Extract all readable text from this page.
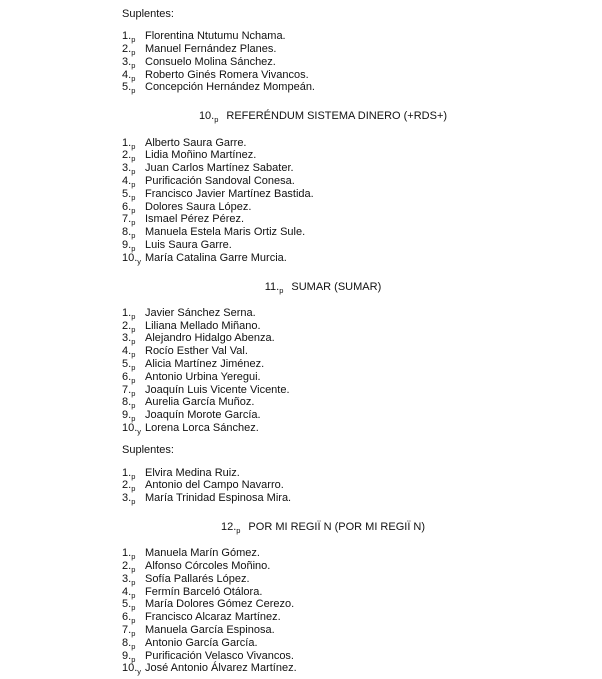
Suplentes:
$1._p$ Florentina Ntutumu Nchama.
$2._p$ Manuel Fernández Planes.
$3._p$ Consuelo Molina Sánchez.
$4._p$ Roberto Ginés Romera Vivancos.
$5._p$ Concepción Hernández Mompeán.
$10._p$ REFERÉNDUM SISTEMA DINERO (+RDS+)
$1._p$ Alberto Saura Garre.
$2._p$ Lidia Moñino Martínez.
$3._p$ Juan Carlos Martínez Sabater.
$4._p$ Purificación Sandoval Conesa.
$5._p$ Francisco Javier Martínez Bastida.
$6._p$ Dolores Saura López.
$7._p$ Ismael Pérez Pérez.
$8._p$ Manuela Estela Maris Ortiz Sule.
$9._p$ Luis Saura Garre.
$10._y$ María Catalina Garre Murcia.
$11._p$ SUMAR (SUMAR)
$1._p$ Javier Sánchez Serna.
$2._p$ Liliana Mellado Miñano.
$3._p$ Alejandro Hidalgo Abenza.
$4._p$ Rocío Esther Val Val.
$5._p$ Alicia Martínez Jiménez.
$6._p$ Antonio Urbina Yeregui.
$7._p$ Joaquín Luis Vicente Vicente.
$8._p$ Aurelia García Muñoz.
$9._p$ Joaquín Morote García.
$10._y$ Lorena Lorca Sánchez.
Suplentes:
$1._p$ Elvira Medina Ruiz.
$2._p$ Antonio del Campo Navarro.
$3._p$ María Trinidad Espinosa Mira.
$12._p$ POR MI REGIÏ N (POR MI REGIÏ N)
$1._p$ Manuela Marín Gómez.
$2._p$ Alfonso Córcoles Moñino.
$3._p$ Sofía Pallarés López.
$4._p$ Fermín Barceló Otálora.
$5._p$ María Dolores Gómez Cerezo.
$6._p$ Francisco Alcaraz Martínez.
$7._p$ Manuela García Espinosa.
$8._p$ Antonio García García.
$9._p$ Purificación Velasco Vivancos.
$10._y$ José Antonio Álvarez Martínez.
